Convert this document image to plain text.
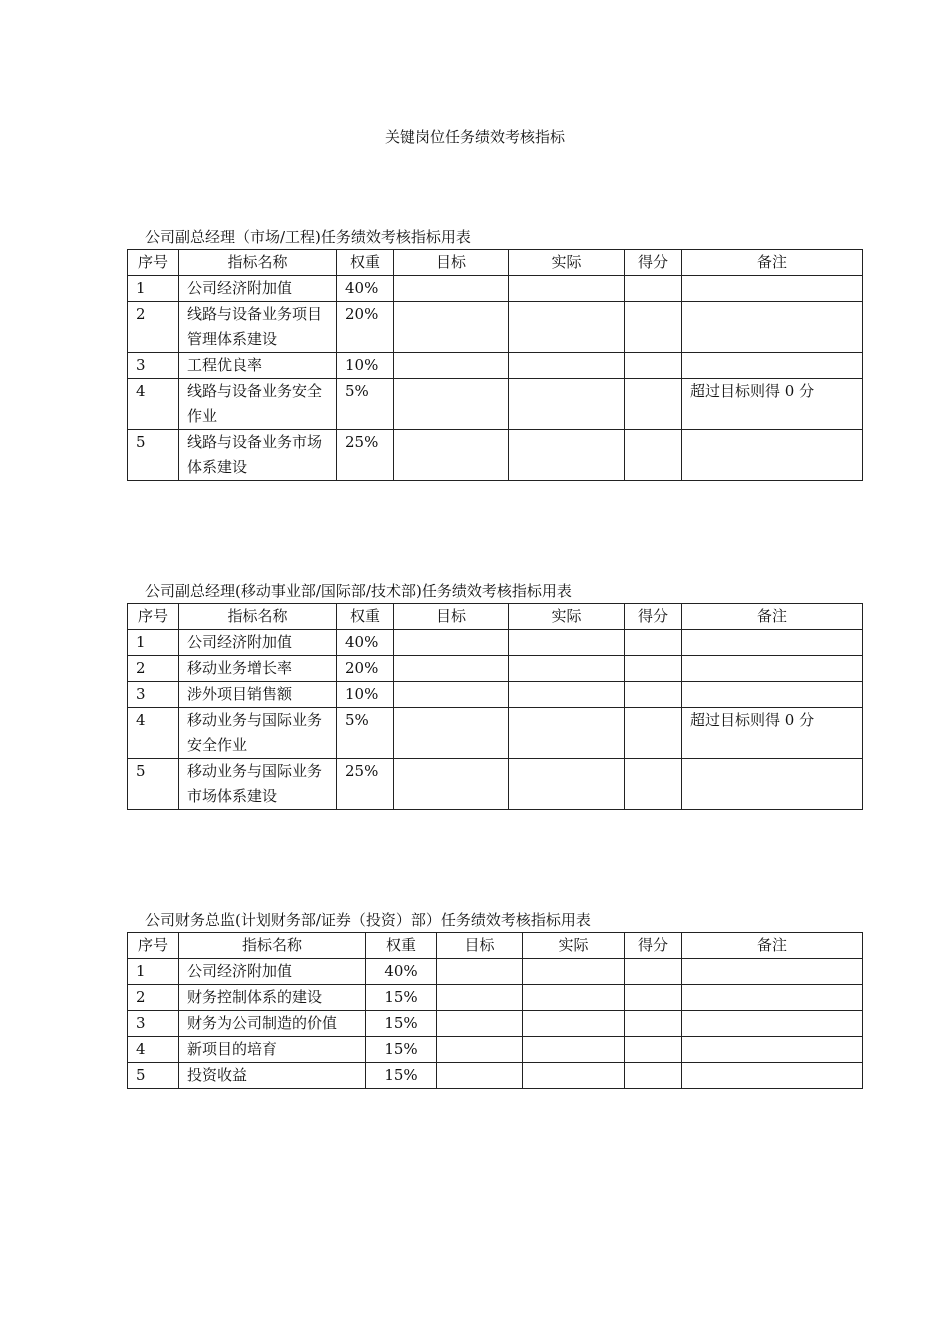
关键岗位任务绩效考核指标
公司副总经理（市场/工程)任务绩效考核指标用表
序号	指标名称	权重	目标	实际	得分	备注
1	公司经济附加值	40%				
2	线路与设备业务项目管理体系建设	20%				
3	工程优良率	10%				
4	线路与设备业务安全作业	5%				超过目标则得 0 分
5	线路与设备业务市场体系建设	25%				
公司副总经理(移动事业部/国际部/技术部)任务绩效考核指标用表
序号	指标名称	权重	目标	实际	得分	备注
1	公司经济附加值	40%				
2	移动业务增长率	20%				
3	涉外项目销售额	10%				
4	移动业务与国际业务安全作业	5%				超过目标则得 0 分
5	移动业务与国际业务市场体系建设	25%				
公司财务总监(计划财务部/证券（投资）部）任务绩效考核指标用表
序号	指标名称	权重	目标	实际	得分	备注
1	公司经济附加值	40%				
2	财务控制体系的建设	15%				
3	财务为公司制造的价值	15%				
4	新项目的培育	15%				
5	投资收益	15%				
